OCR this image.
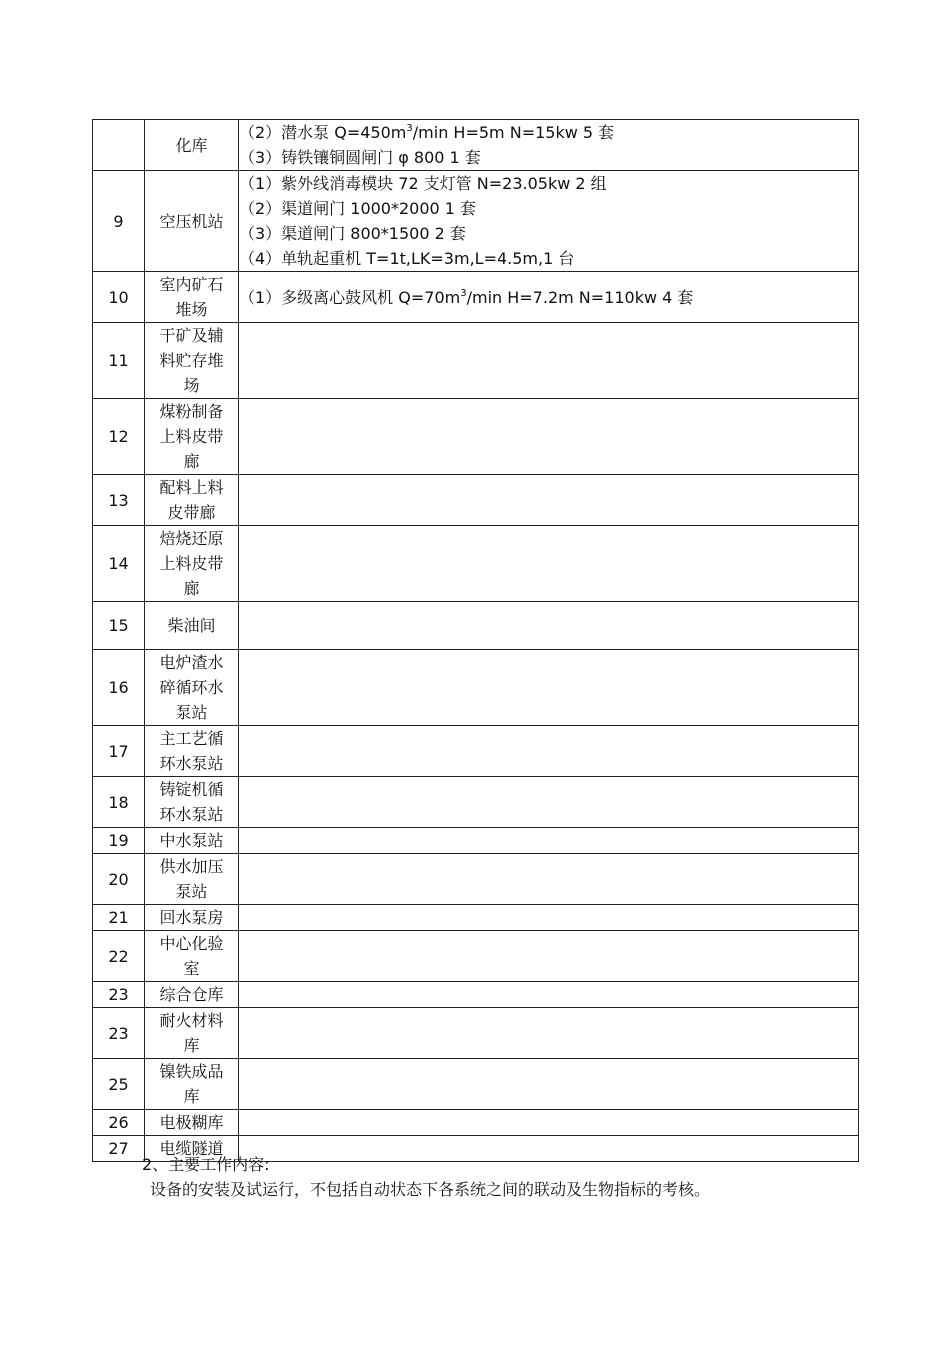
	化库	（2）潜水泵 $Q=450m^3/\min$ H=5m N=15kw 5 套
（3）铸铁镶铜圆闸门 φ 800 1 套

9	空压机站	（1）紫外线消毒模块 72 支灯管 N=23.05kw 2 组
（2）渠道闸门 1000*2000 1 套
（3）渠道闸门 800*1500 2 套
（4）单轨起重机 T=1t,LK=3m,L=4.5m,1 台

10	室内矿石
堆场	（1）多级离心鼓风机 $Q=70m^3/\min$ H=7.2m N=110kw 4 套

11	干矿及辅
料贮存堆
场	

12	煤粉制备
上料皮带
廊	

13	配料上料
皮带廊	

14	焙烧还原
上料皮带
廊	

15	柴油间	

16	电炉渣水
碎循环水
泵站	

17	主工艺循
环水泵站	

18	铸锭机循
环水泵站	

19	中水泵站	

20	供水加压
泵站	

21	回水泵房	

22	中心化验
室	

23	综合仓库	

23	耐火材料
库	

25	镍铁成品
库	

26	电极糊库	

27	电缆隧道	

2、主要工作内容:

设备的安装及试运行，不包括自动状态下各系统之间的联动及生物指标的考核。
